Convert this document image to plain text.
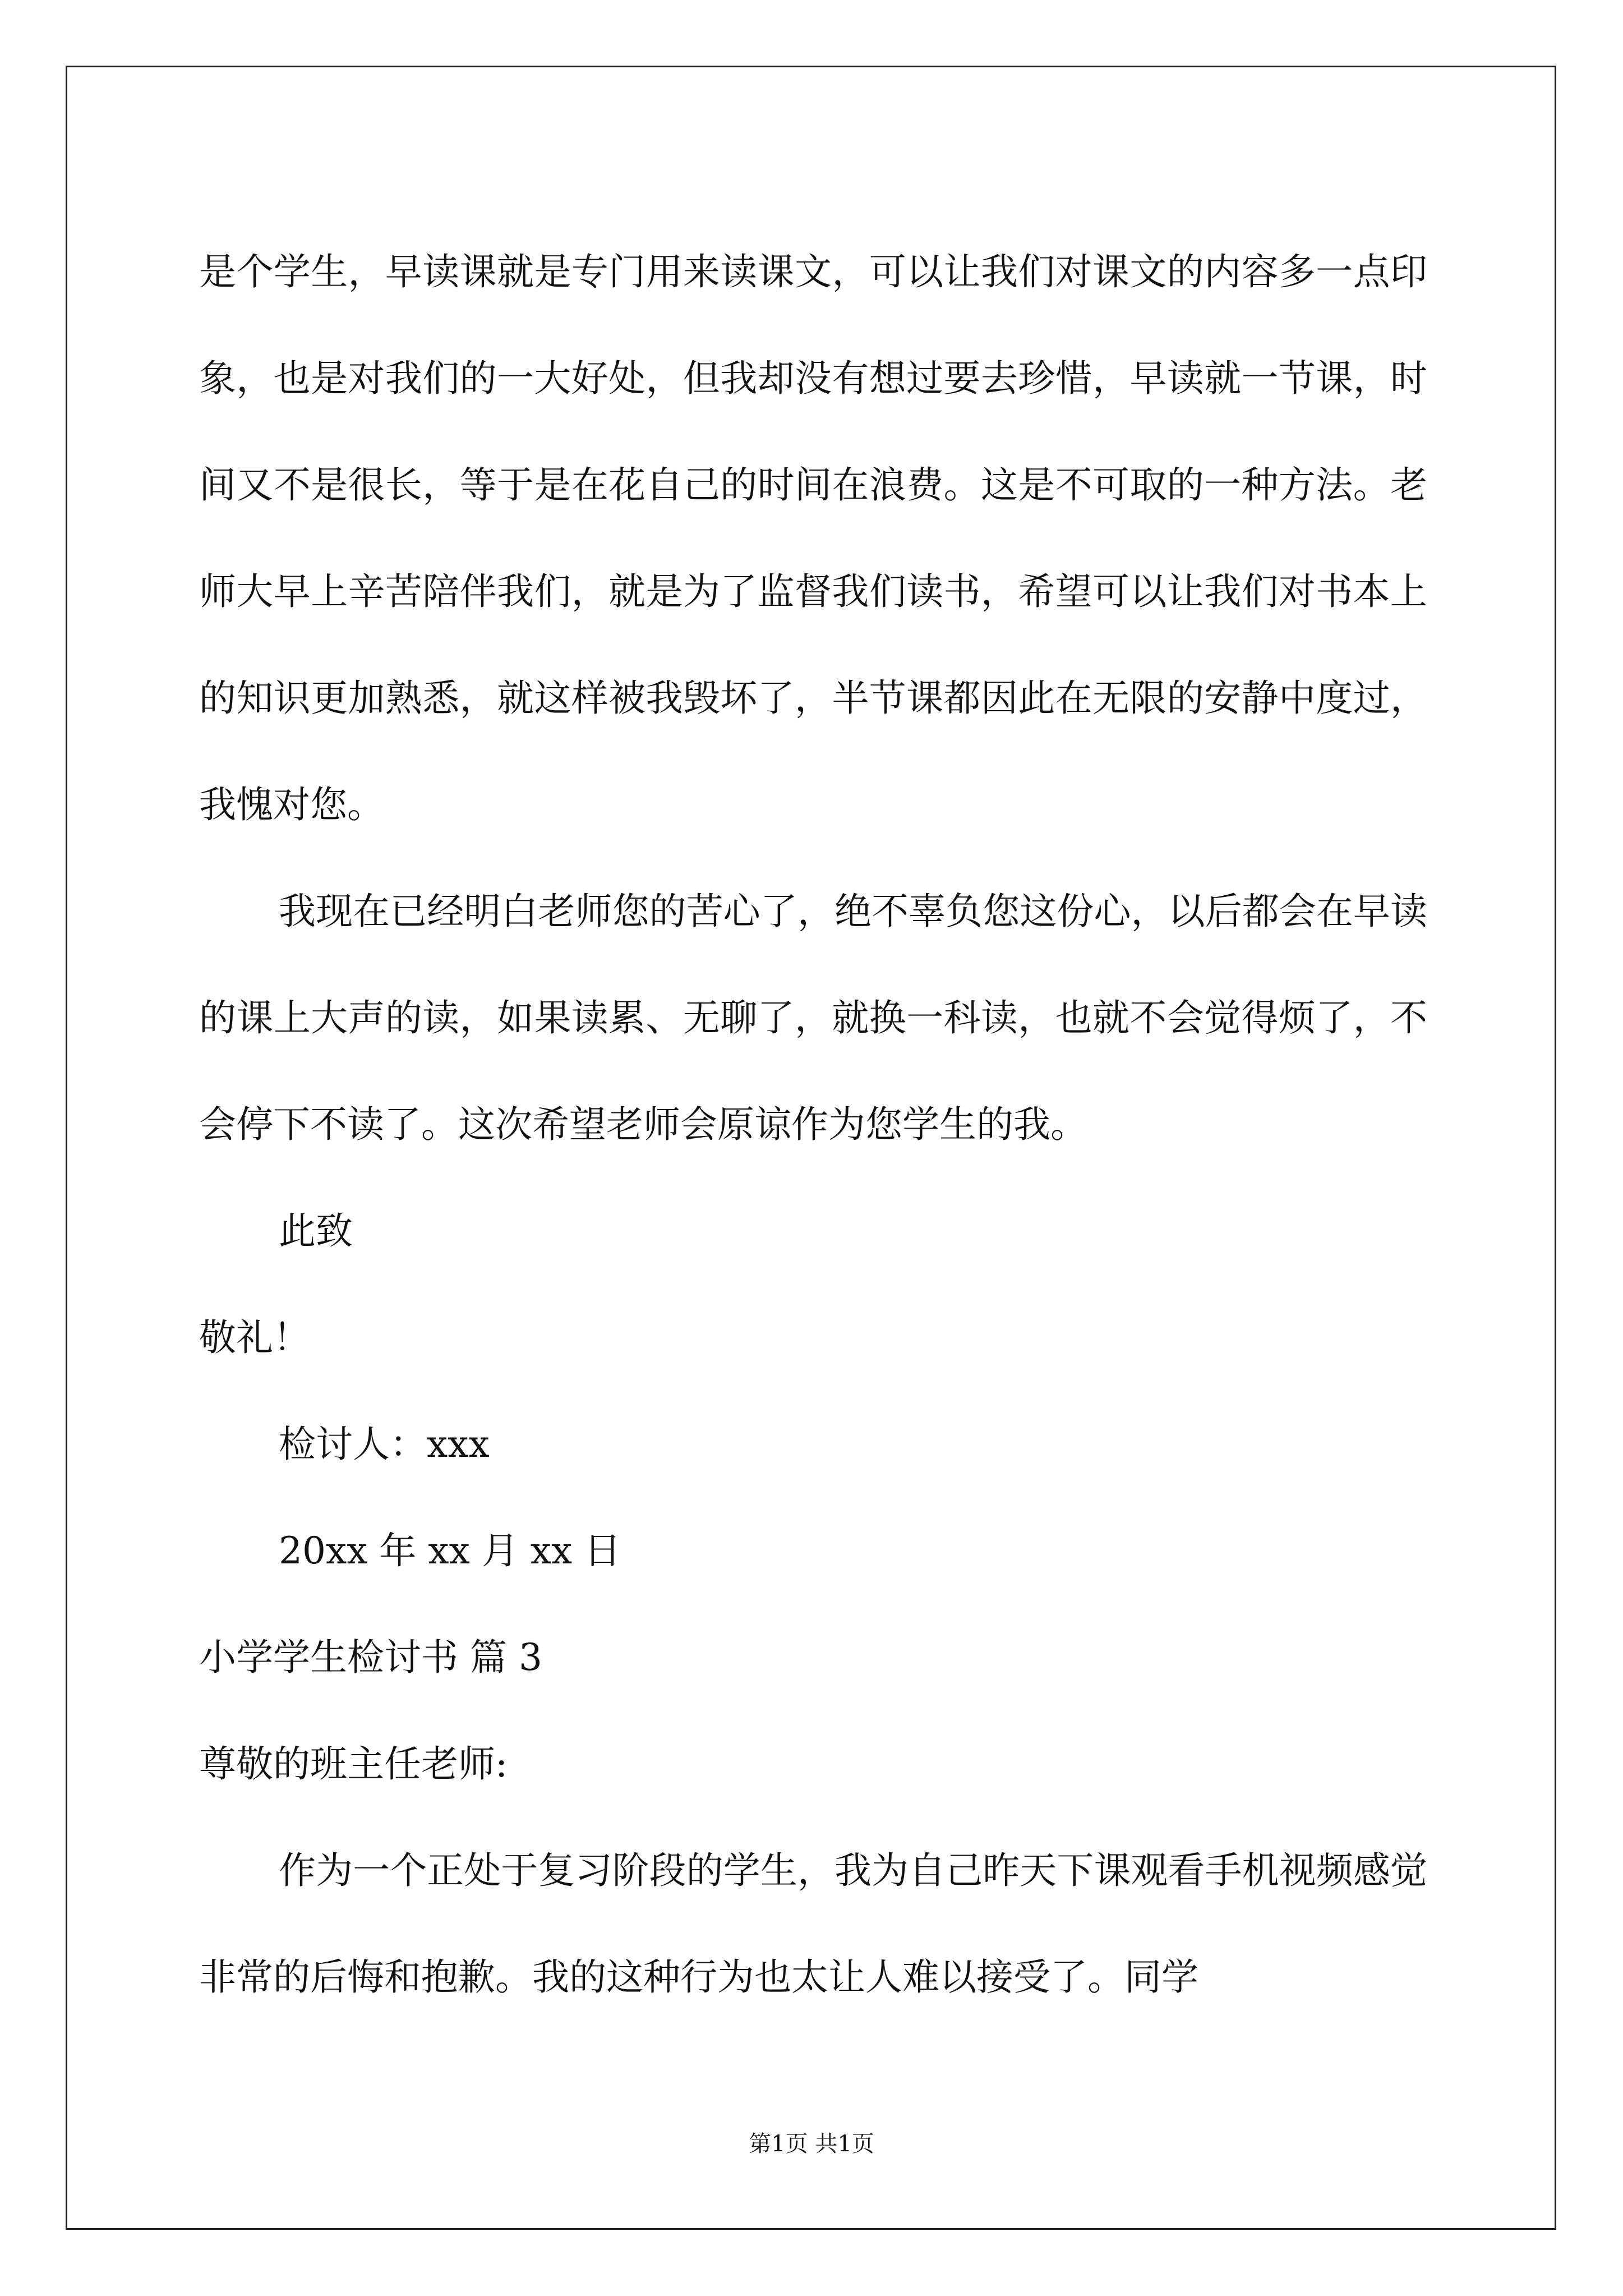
是个学生，早读课就是专门用来读课文，可以让我们对课文的内容多一点印象，也是对我们的一大好处，但我却没有想过要去珍惜，早读就一节课，时间又不是很长，等于是在花自己的时间在浪费。这是不可取的一种方法。老师大早上辛苦陪伴我们，就是为了监督我们读书，希望可以让我们对书本上的知识更加熟悉，就这样被我毁坏了，半节课都因此在无限的安静中度过，我愧对您。

我现在已经明白老师您的苦心了，绝不辜负您这份心，以后都会在早读的课上大声的读，如果读累、无聊了，就换一科读，也就不会觉得烦了，不会停下不读了。这次希望老师会原谅作为您学生的我。

此致

敬礼！

检讨人：xxx

20xx 年 xx 月 xx 日

小学学生检讨书 篇 3

尊敬的班主任老师:

作为一个正处于复习阶段的学生，我为自己昨天下课观看手机视频感觉非常的后悔和抱歉。我的这种行为也太让人难以接受了。同学

第1页 共1页
